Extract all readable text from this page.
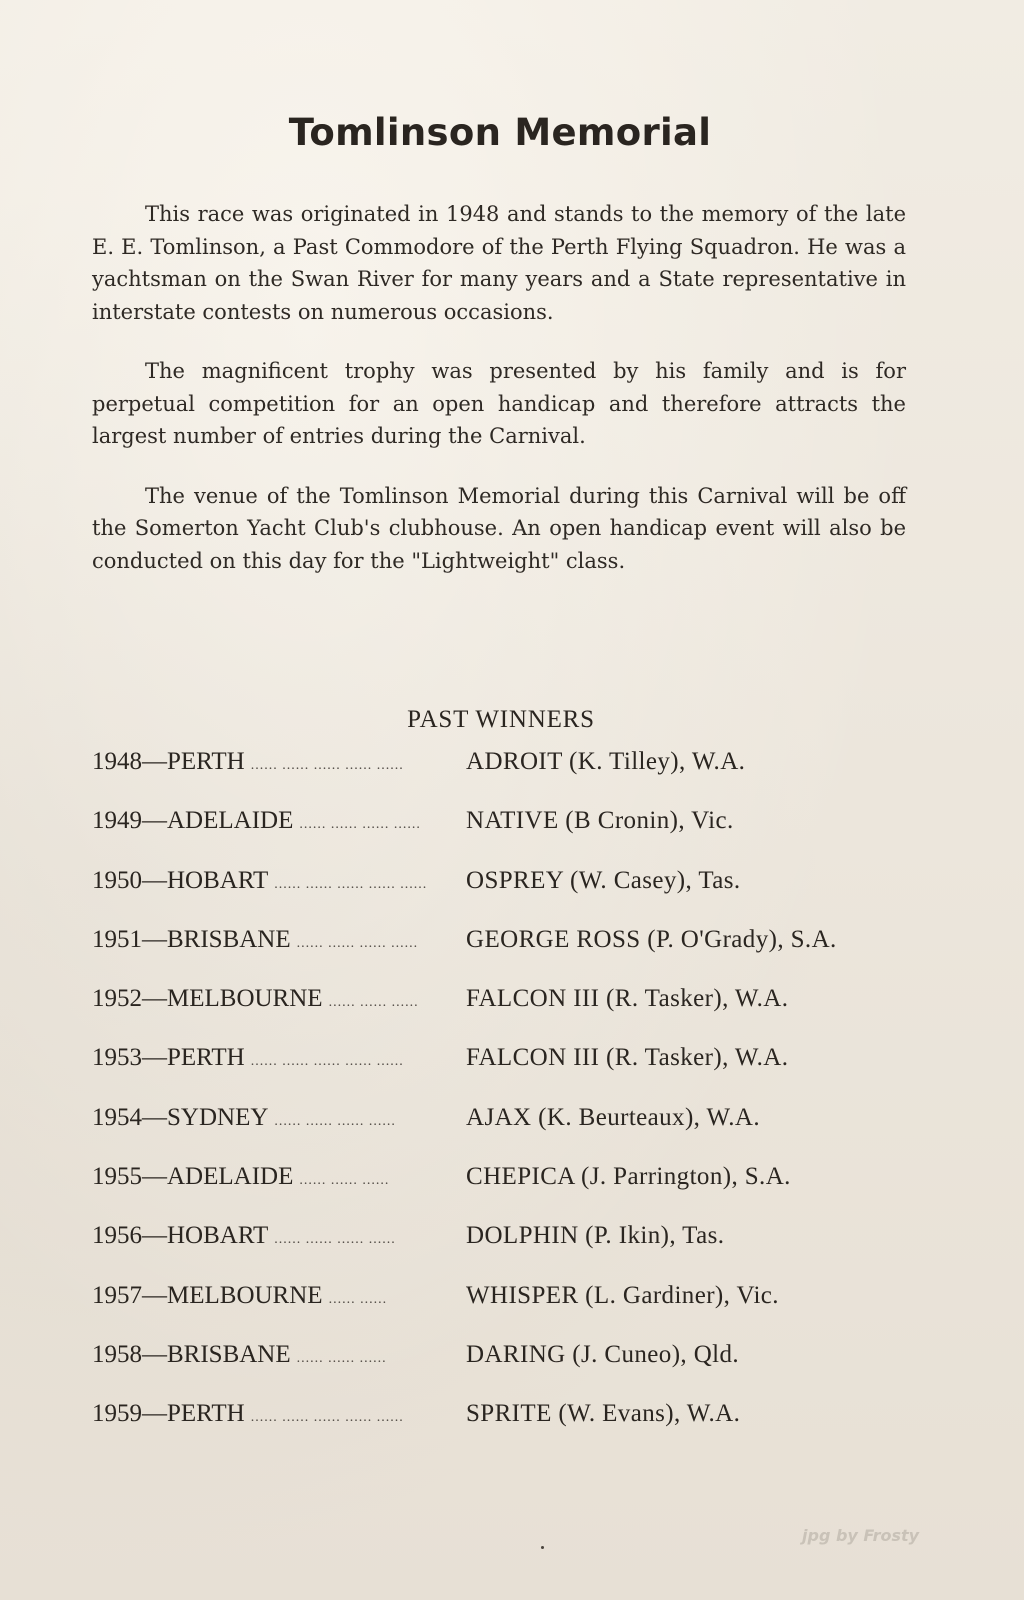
Tomlinson Memorial

This race was originated in 1948 and stands to the memory of the late E. E. Tomlinson, a Past Commodore of the Perth Flying Squadron. He was a yachtsman on the Swan River for many years and a State representative in interstate contests on numerous occasions.

The magnificent trophy was presented by his family and is for perpetual competition for an open handicap and therefore attracts the largest number of entries during the Carnival.

The venue of the Tomlinson Memorial during this Carnival will be off the Somerton Yacht Club's clubhouse. An open handicap event will also be conducted on this day for the "Lightweight" class.

PAST WINNERS
1948—PERTH ...... ...... ...... ...... ......	ADROIT (K. Tilley), W.A.
1949—ADELAIDE ...... ...... ...... ......	NATIVE (B Cronin), Vic.
1950—HOBART ...... ...... ...... ...... ......	OSPREY (W. Casey), Tas.
1951—BRISBANE ...... ...... ...... ......	GEORGE ROSS (P. O'Grady), S.A.
1952—MELBOURNE ...... ...... ......	FALCON III (R. Tasker), W.A.
1953—PERTH ...... ...... ...... ...... ......	FALCON III (R. Tasker), W.A.
1954—SYDNEY ...... ...... ...... ......	AJAX (K. Beurteaux), W.A.
1955—ADELAIDE ...... ...... ......	CHEPICA (J. Parrington), S.A.
1956—HOBART ...... ...... ...... ......	DOLPHIN (P. Ikin), Tas.
1957—MELBOURNE ...... ......	WHISPER (L. Gardiner), Vic.
1958—BRISBANE ...... ...... ......	DARING (J. Cuneo), Qld.
1959—PERTH ...... ...... ...... ...... ......	SPRITE (W. Evans), W.A.
jpg by Frosty
